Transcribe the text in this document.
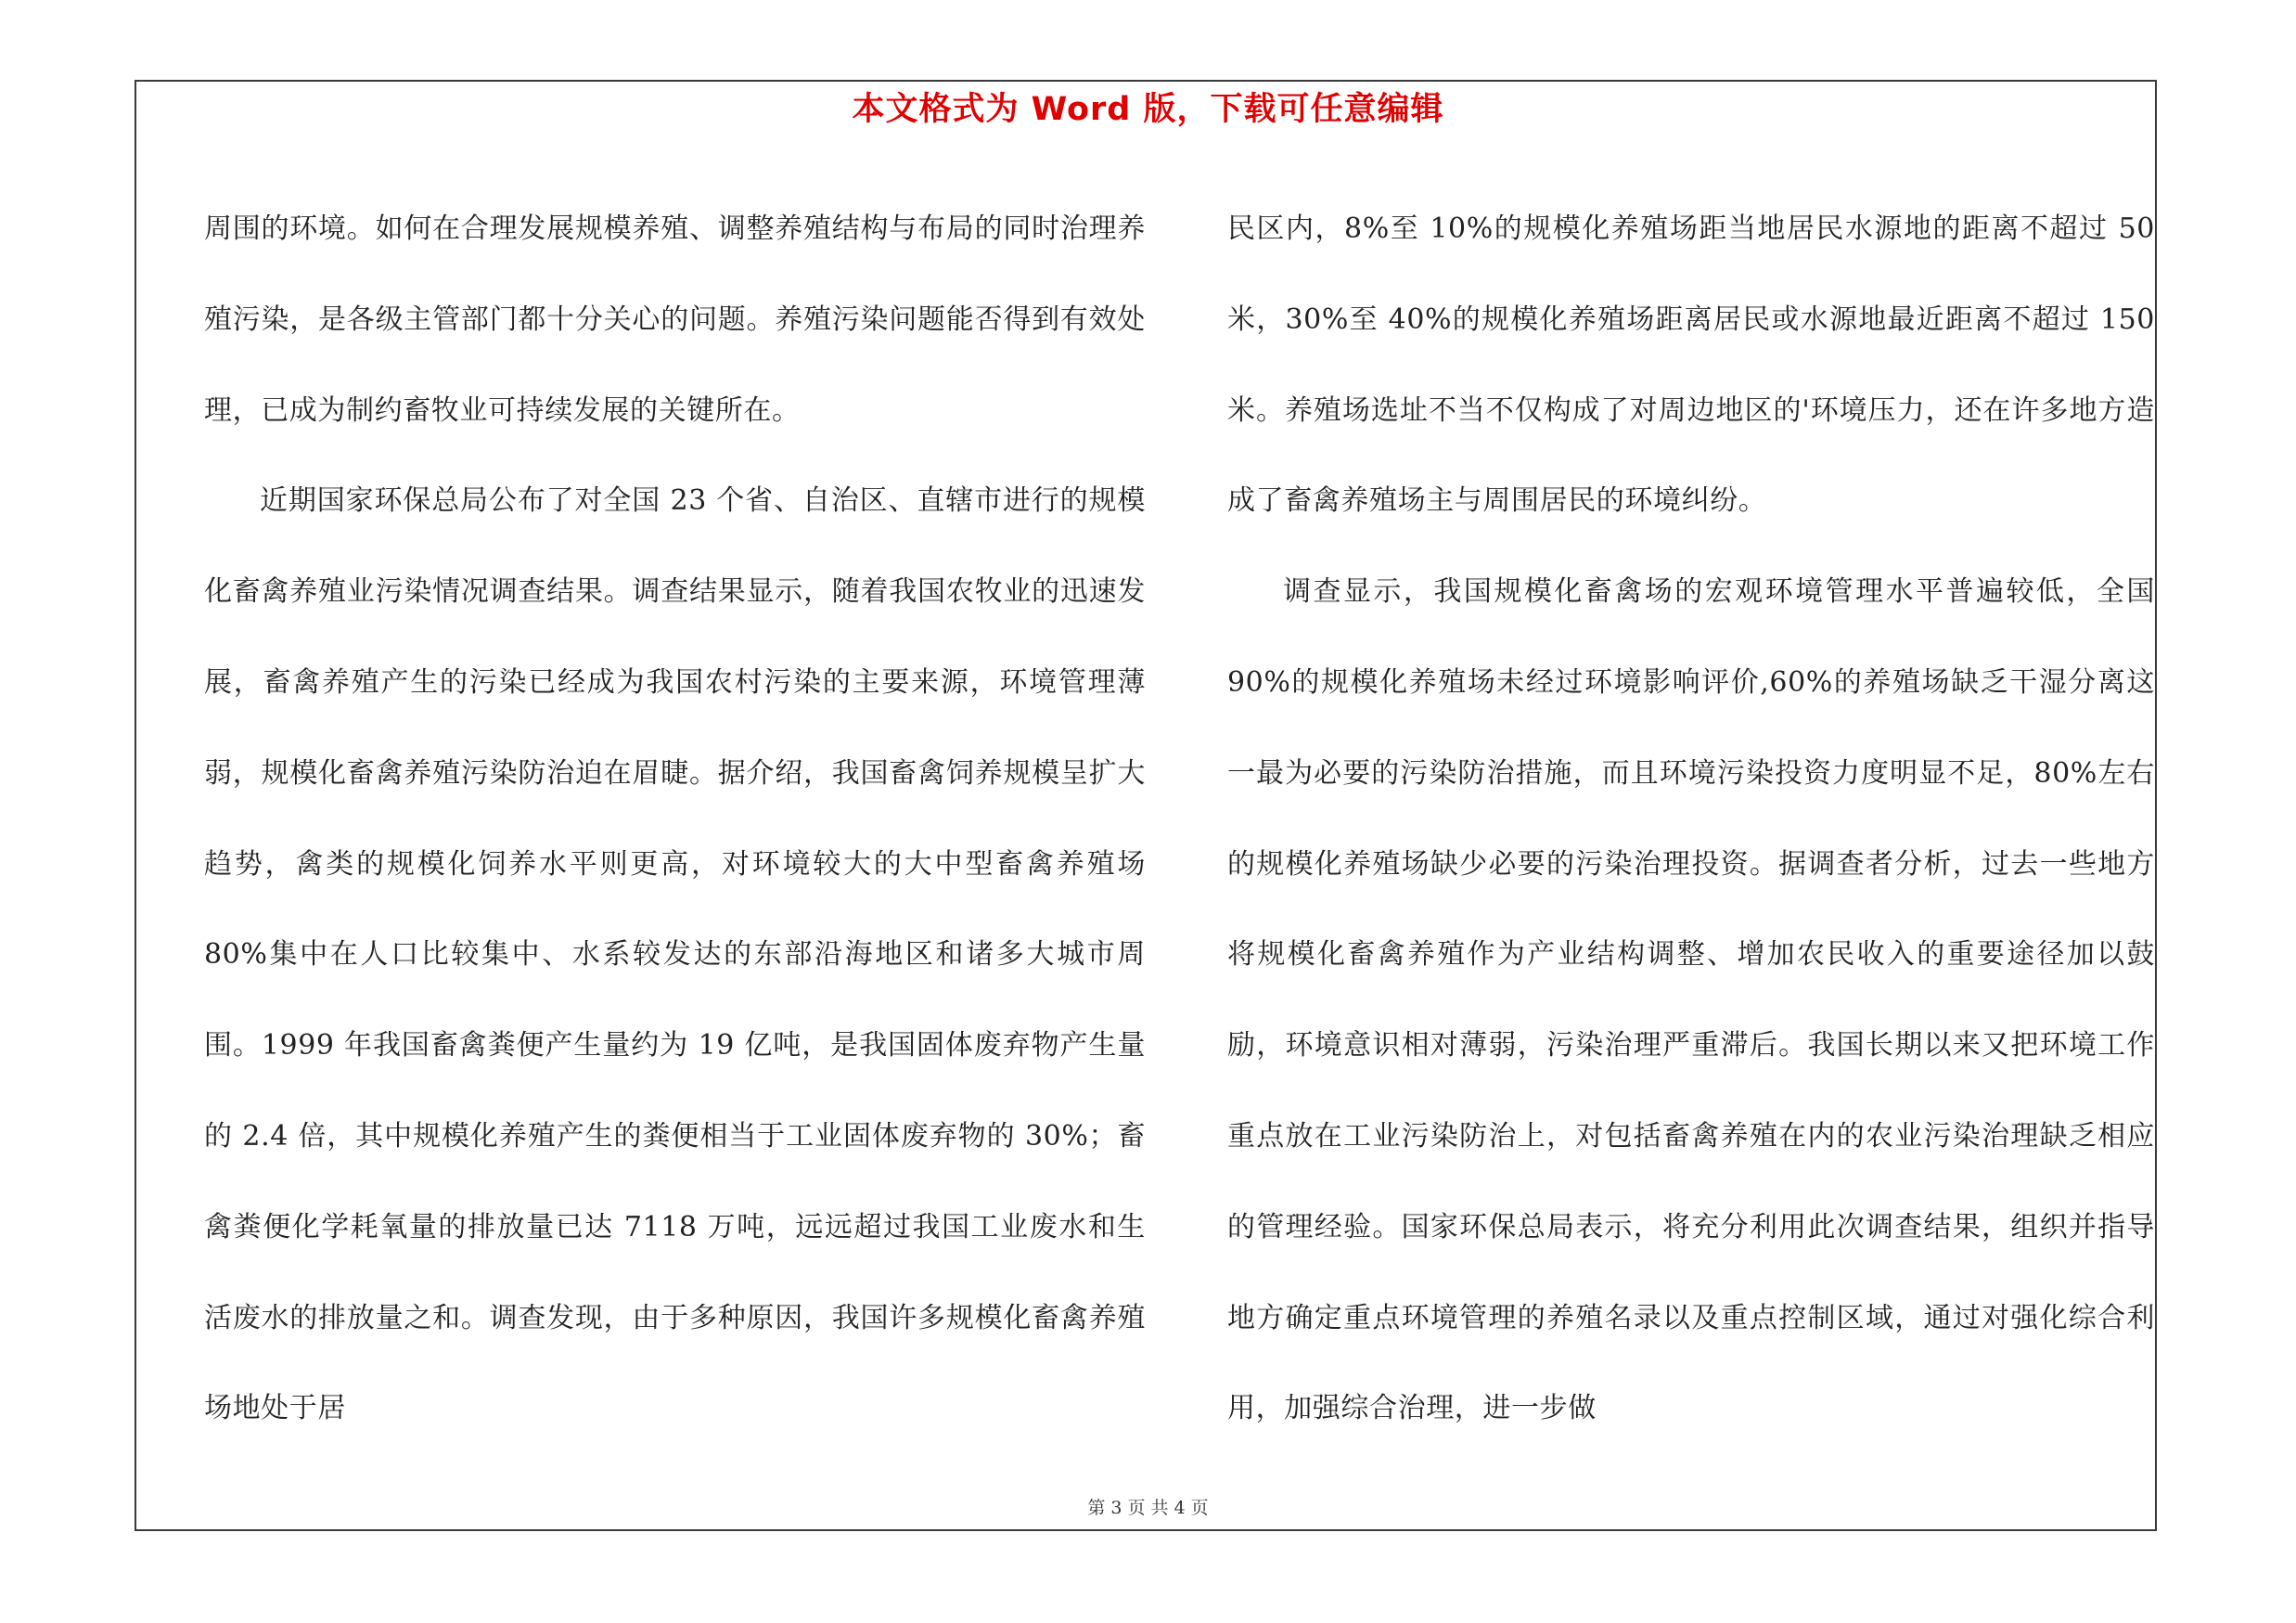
本文格式为 Word 版，下载可任意编辑

周围的环境。如何在合理发展规模养殖、调整养殖结构与布局的同时治理养殖污染，是各级主管部门都十分关心的问题。养殖污染问题能否得到有效处理，已成为制约畜牧业可持续发展的关键所在。

近期国家环保总局公布了对全国 23 个省、自治区、直辖市进行的规模化畜禽养殖业污染情况调查结果。调查结果显示，随着我国农牧业的迅速发展，畜禽养殖产生的污染已经成为我国农村污染的主要来源，环境管理薄弱，规模化畜禽养殖污染防治迫在眉睫。据介绍，我国畜禽饲养规模呈扩大趋势，禽类的规模化饲养水平则更高，对环境较大的大中型畜禽养殖场 80%集中在人口比较集中、水系较发达的东部沿海地区和诸多大城市周围。1999 年我国畜禽粪便产生量约为 19 亿吨，是我国固体废弃物产生量的 2.4 倍，其中规模化养殖产生的粪便相当于工业固体废弃物的 30%；畜禽粪便化学耗氧量的排放量已达 7118 万吨，远远超过我国工业废水和生活废水的排放量之和。调查发现，由于多种原因，我国许多规模化畜禽养殖场地处于居

民区内，8%至 10%的规模化养殖场距当地居民水源地的距离不超过 50 米，30%至 40%的规模化养殖场距离居民或水源地最近距离不超过 150 米。养殖场选址不当不仅构成了对周边地区的'环境压力，还在许多地方造成了畜禽养殖场主与周围居民的环境纠纷。

调查显示，我国规模化畜禽场的宏观环境管理水平普遍较低，全国 90%的规模化养殖场未经过环境影响评价,60%的养殖场缺乏干湿分离这一最为必要的污染防治措施，而且环境污染投资力度明显不足，80%左右的规模化养殖场缺少必要的污染治理投资。据调查者分析，过去一些地方将规模化畜禽养殖作为产业结构调整、增加农民收入的重要途径加以鼓励，环境意识相对薄弱，污染治理严重滞后。我国长期以来又把环境工作重点放在工业污染防治上，对包括畜禽养殖在内的农业污染治理缺乏相应的管理经验。国家环保总局表示，将充分利用此次调查结果，组织并指导地方确定重点环境管理的养殖名录以及重点控制区域，通过对强化综合利用，加强综合治理，进一步做

第 3 页 共 4 页
